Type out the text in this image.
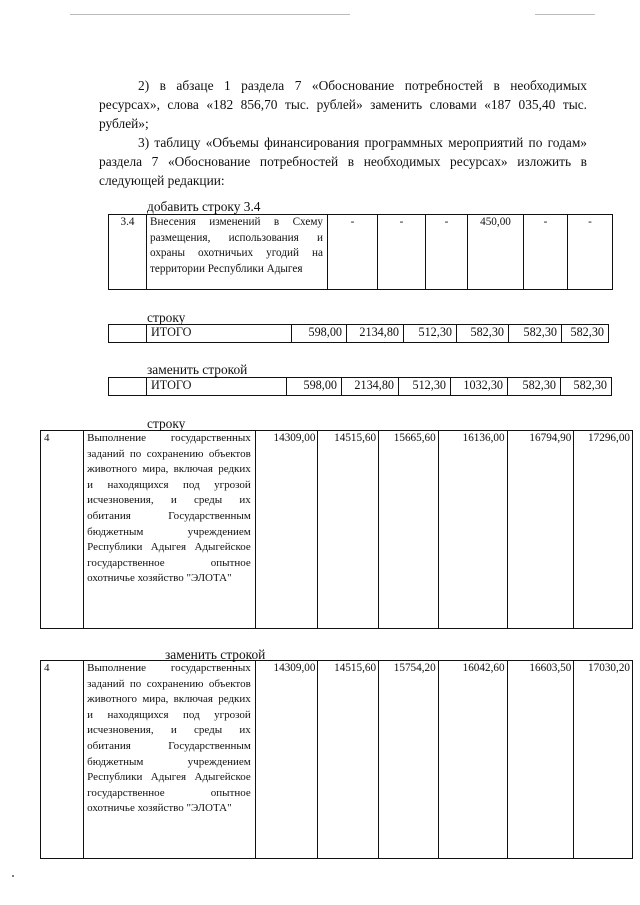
2) в абзаце 1 раздела 7 «Обоснование потребностей в необходимых ресурсах», слова «182 856,70 тыс. рублей» заменить словами «187 035,40 тыс. рублей»;

3) таблицу «Объемы финансирования программных мероприятий по годам» раздела 7 «Обоснование потребностей в необходимых ресурсах» изложить в следующей редакции:

добавить строку 3.4
3.4	Внесения изменений в Схему размещения, использования и охраны охотничьих угодий на территории Республики Адыгея	-	-	-	450,00	-	-
строку
	ИТОГО	598,00	2134,80	512,30	582,30	582,30	582,30
заменить строкой
	ИТОГО	598,00	2134,80	512,30	1032,30	582,30	582,30
строку
4	Выполнение государственных заданий по сохранению объектов животного мира, включая редких и находящихся под угрозой исчезновения, и среды их обитания Государственным бюджетным учреждением Республики Адыгея Адыгейское государственное опытное охотничье хозяйство "ЭЛОТА"	14309,00	14515,60	15665,60	16136,00	16794,90	17296,00
заменить строкой
4	Выполнение государственных заданий по сохранению объектов животного мира, включая редких и находящихся под угрозой исчезновения, и среды их обитания Государственным бюджетным учреждением Республики Адыгея Адыгейское государственное опытное охотничье хозяйство "ЭЛОТА"	14309,00	14515,60	15754,20	16042,60	16603,50	17030,20
